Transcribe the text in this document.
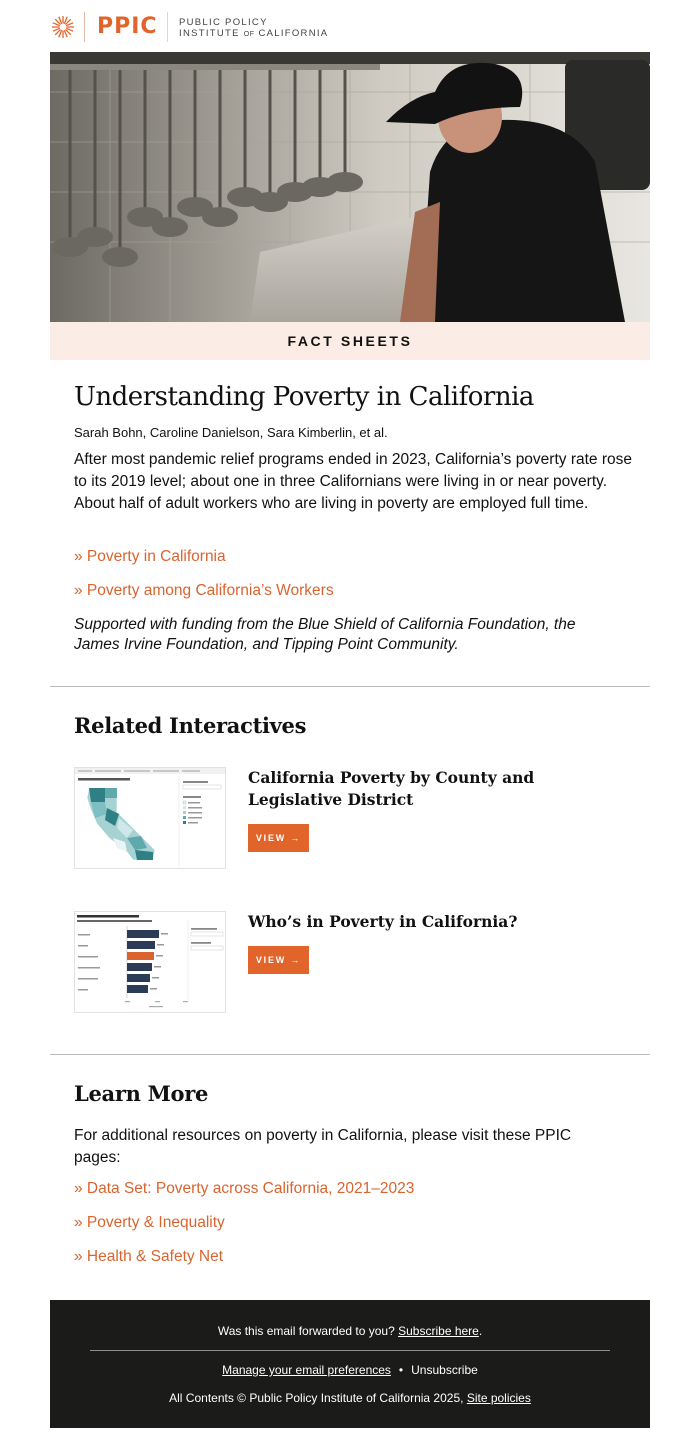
PPIC PUBLIC POLICY
INSTITUTE OF CALIFORNIA
FACT SHEETS
Understanding Poverty in California
Sarah Bohn, Caroline Danielson, Sara Kimberlin, et al.

After most pandemic relief programs ended in 2023, California’s poverty rate rose to its 2019 level; about one in three Californians were living in or near poverty. About half of adult workers who are living in poverty are employed full time.

» Poverty in California
» Poverty among California’s Workers

Supported with funding from the Blue Shield of California Foundation, the James Irvine Foundation, and Tipping Point Community.

Related Interactives
California Poverty by County and Legislative District
VIEW →
Who’s in Poverty in California?
VIEW →
Learn More

For additional resources on poverty in California, please visit these PPIC pages:

» Data Set: Poverty across California, 2021–2023
» Poverty & Inequality
» Health & Safety Net
Was this email forwarded to you? Subscribe here.
Manage your email preferences • Unsubscribe
All Contents © Public Policy Institute of California 2025, Site policies
